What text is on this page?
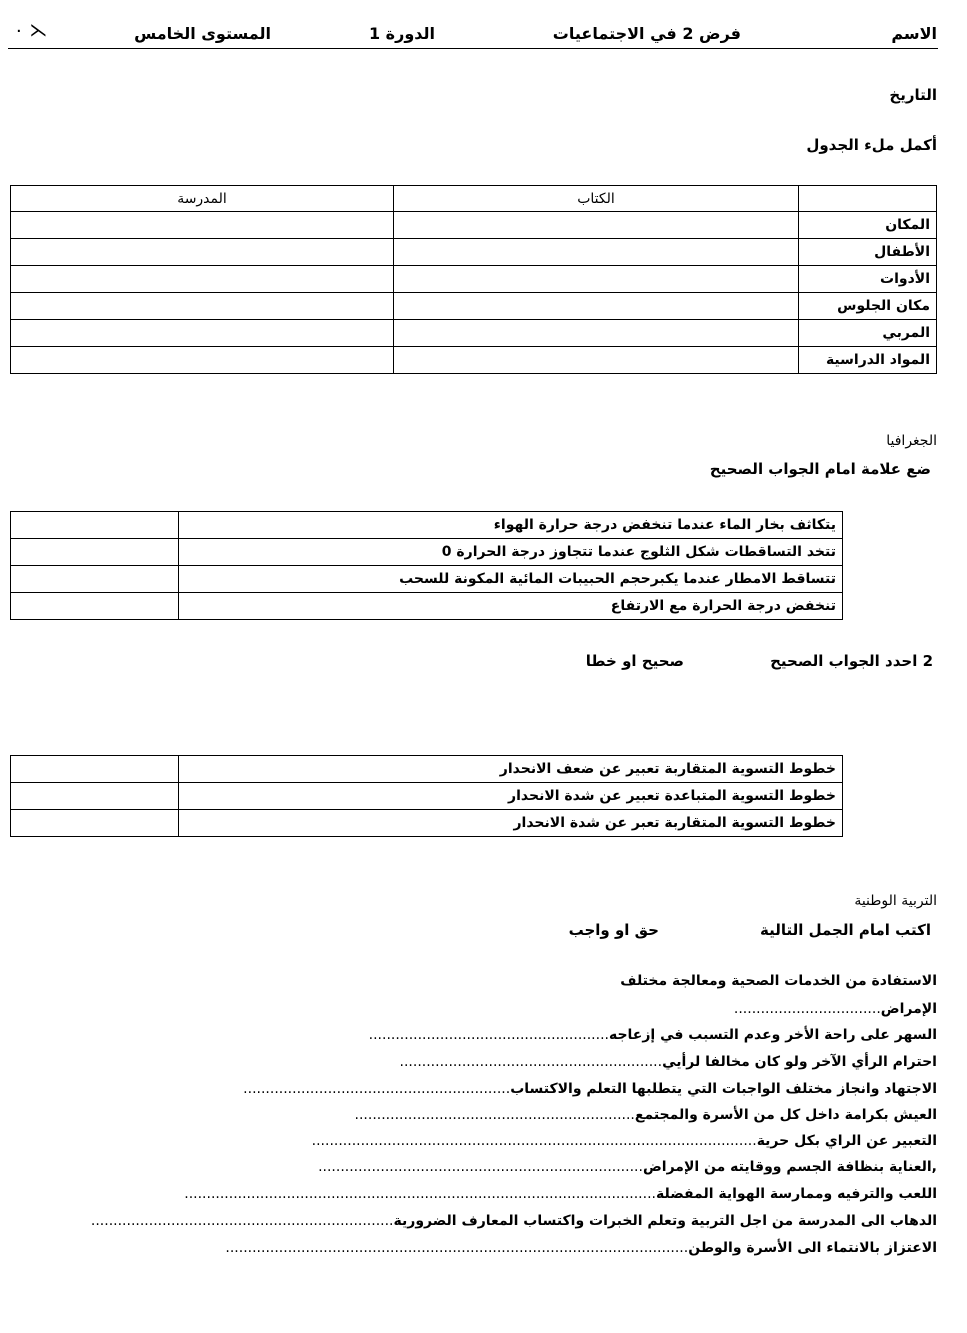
الاسم
فرض 2 في الاجتماعيات
الدورة 1
المستوى الخامس
⋌ ۰
التاريخ
أكمل ملء الجدول
	الكتاب	المدرسة
المكان		
الأطفال		
الأدوات		
مكان الجلوس		
المربي		
المواد الدراسية		
الجغرافيا
ضع علامة امام الجواب الصحيح
يتكاثف بخار الماء عندما تنخفض درجة حرارة الهواء	
تتخد التساقطات شكل الثلوج عندما تتجاوز درجة الحرارة 0	
تتساقط الامطار عندما يكبرحجم الحبيبات المائية المكونة للسحب	
تنخفض درجة الحرارة مع الارتفاع	
2 احدد الجواب الصحيح
صحيح او خطا
خطوط التسوية المتقاربة تعبير عن ضعف الانحدار	
خطوط التسوية المتباعدة تعبير عن شدة الانحدار	
خطوط التسوية المتقاربة تعبر عن شدة الانحدار	
التربية الوطنية
اكتب امام الجمل التالية
حق او واجب
الاستفادة من الخدمات الصحية ومعالجة مختلف
الإمراض.................................
السهر على راحة الأخر وعدم التسبب في إزعاجه......................................................
احترام الرأي الآخر ولو كان مخالفا لرأيي...........................................................
الاجتهاد وانجاز مختلف الواجبات التي يتطلبها التعلم والاكتساب............................................................
العيش بكرامة داخل كل من الأسرة والمجتمع...............................................................
التعبير عن الراي بكل حرية....................................................................................................
,العناية بنظافة الجسم ووقايته من الإمراض.........................................................................
اللعب والترفيه وممارسة الهواية المفضلة..........................................................................................................
الدهاب الى المدرسة من اجل التربية وتعلم الخبرات واكتساب المعارف الضرورية....................................................................
الاعتزاز بالانتماء الى الأسرة والوطن........................................................................................................
